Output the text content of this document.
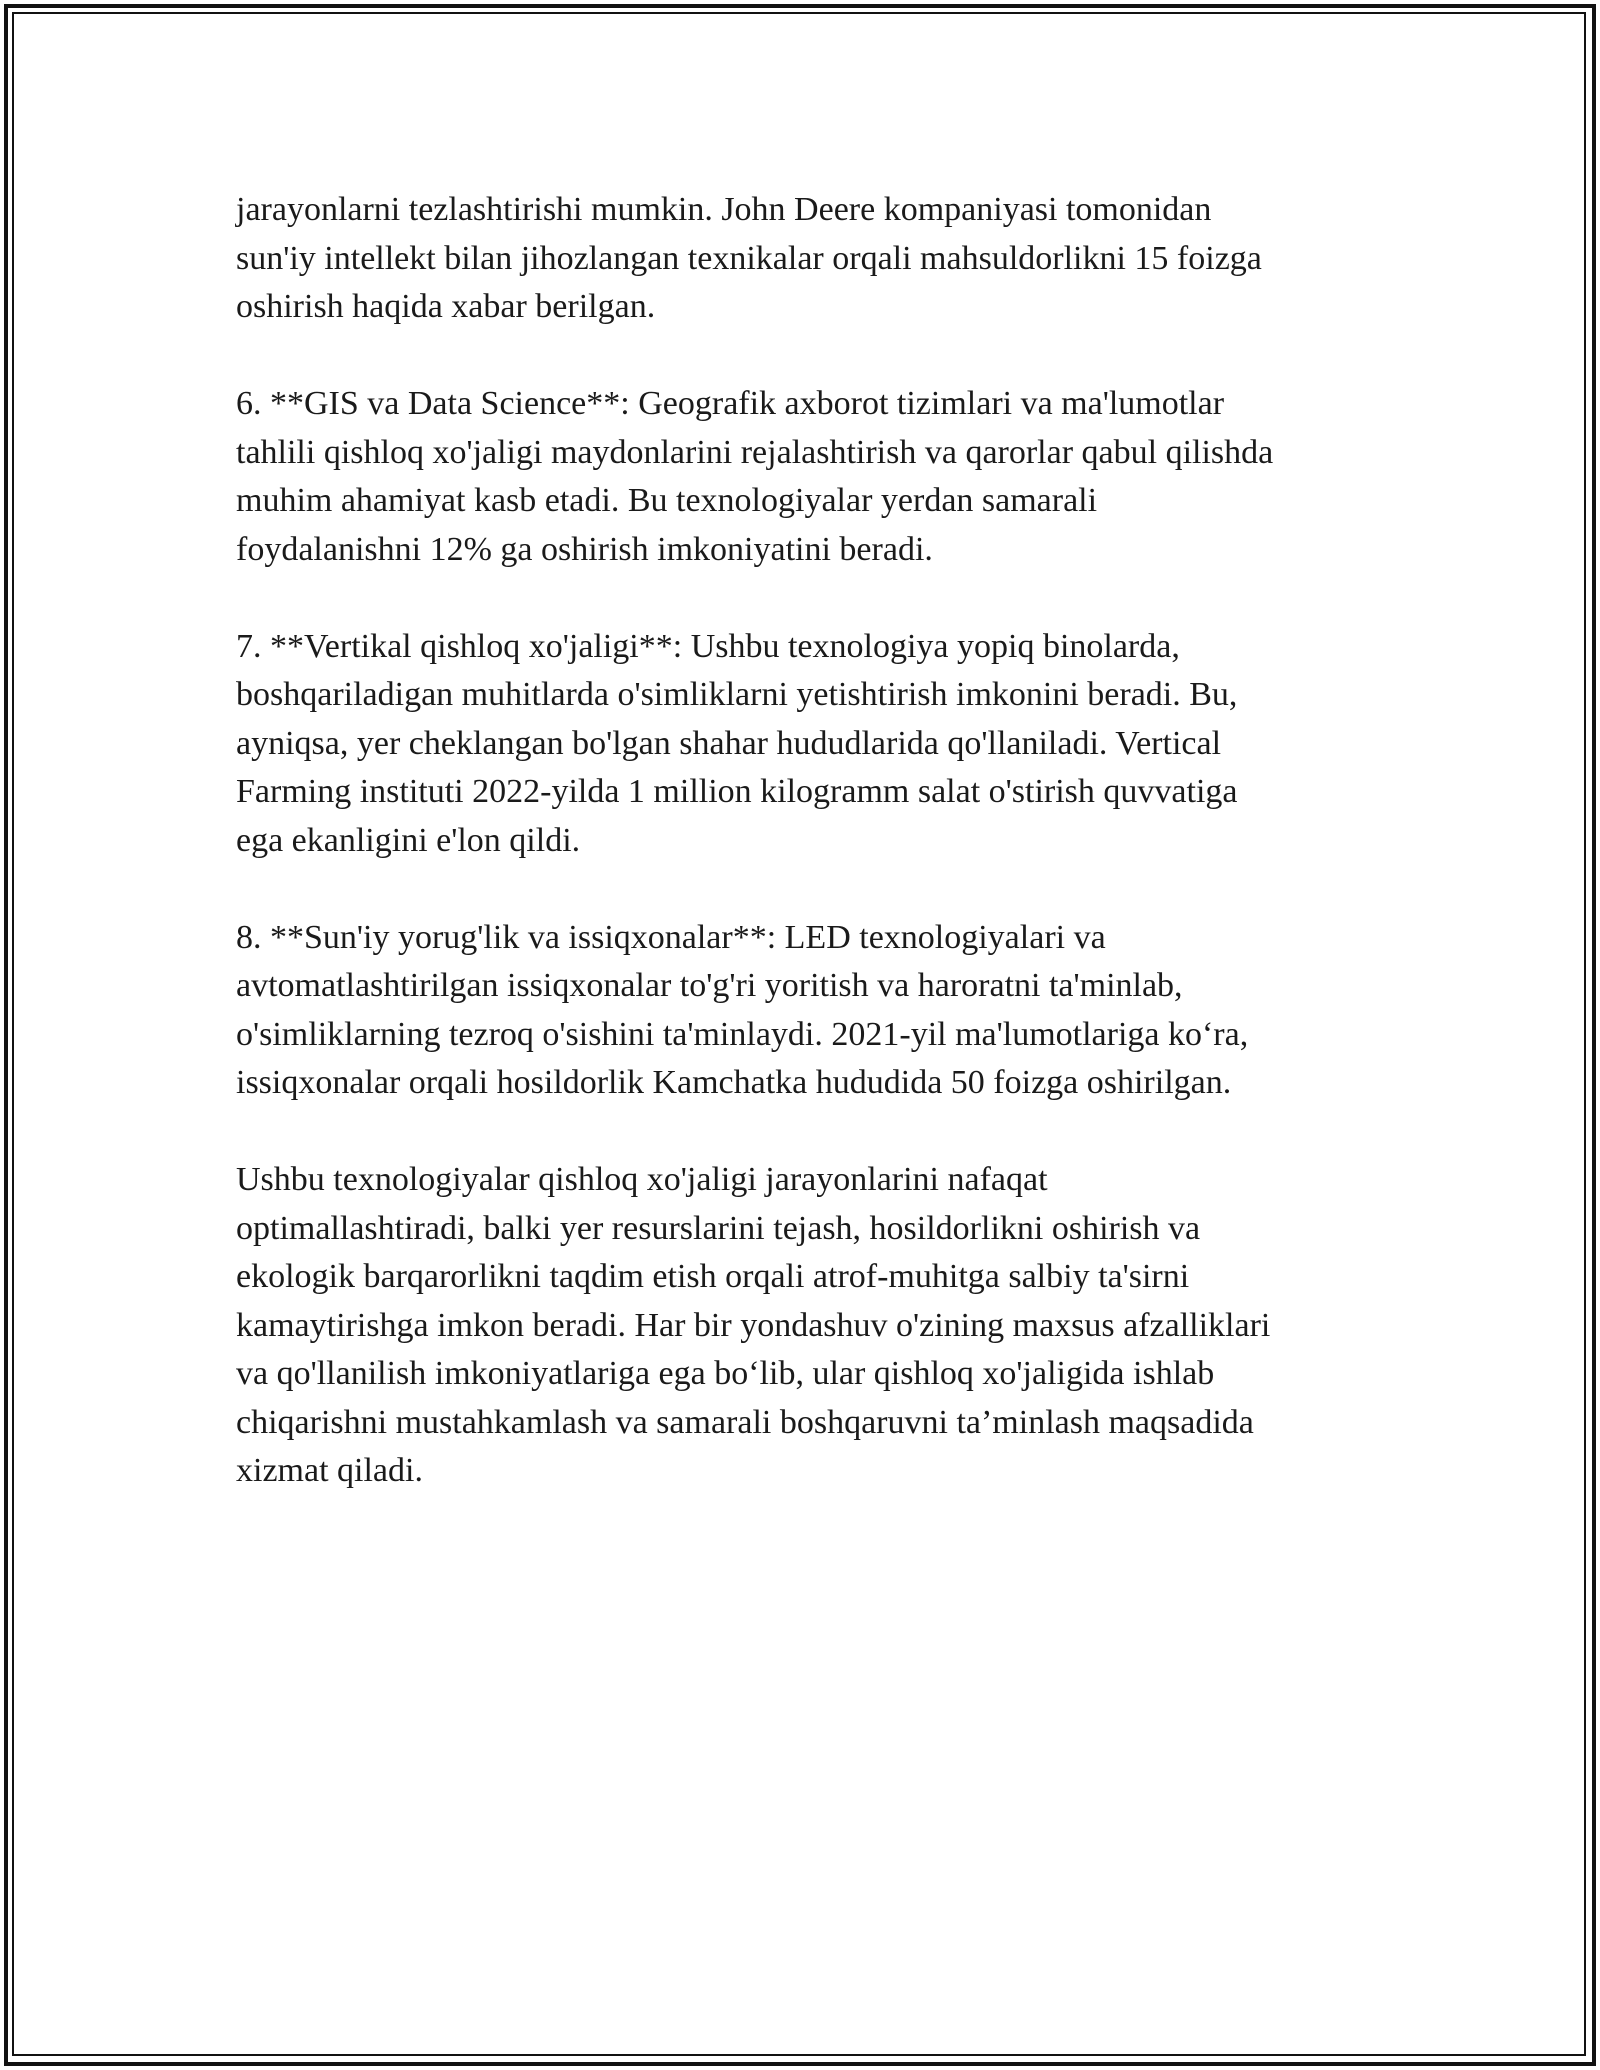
jarayonlarni tezlashtirishi mumkin. John Deere kompaniyasi tomonidan
sun'iy intellekt bilan jihozlangan texnikalar orqali mahsuldorlikni 15 foizga
oshirish haqida xabar berilgan.

6. **GIS va Data Science**: Geografik axborot tizimlari va ma'lumotlar
tahlili qishloq xo'jaligi maydonlarini rejalashtirish va qarorlar qabul qilishda
muhim ahamiyat kasb etadi. Bu texnologiyalar yerdan samarali
foydalanishni 12% ga oshirish imkoniyatini beradi.

7. **Vertikal qishloq xo'jaligi**: Ushbu texnologiya yopiq binolarda,
boshqariladigan muhitlarda o'simliklarni yetishtirish imkonini beradi. Bu,
ayniqsa, yer cheklangan bo'lgan shahar hududlarida qo'llaniladi. Vertical
Farming instituti 2022-yilda 1 million kilogramm salat o'stirish quvvatiga
ega ekanligini e'lon qildi.

8. **Sun'iy yorug'lik va issiqxonalar**: LED texnologiyalari va
avtomatlashtirilgan issiqxonalar to'g'ri yoritish va haroratni ta'minlab,
o'simliklarning tezroq o'sishini ta'minlaydi. 2021-yil ma'lumotlariga koʻra,
issiqxonalar orqali hosildorlik Kamchatka hududida 50 foizga oshirilgan.

Ushbu texnologiyalar qishloq xo'jaligi jarayonlarini nafaqat
optimallashtiradi, balki yer resurslarini tejash, hosildorlikni oshirish va
ekologik barqarorlikni taqdim etish orqali atrof-muhitga salbiy ta'sirni
kamaytirishga imkon beradi. Har bir yondashuv o'zining maxsus afzalliklari
va qo'llanilish imkoniyatlariga ega boʻlib, ular qishloq xo'jaligida ishlab
chiqarishni mustahkamlash va samarali boshqaruvni ta’minlash maqsadida
xizmat qiladi.
